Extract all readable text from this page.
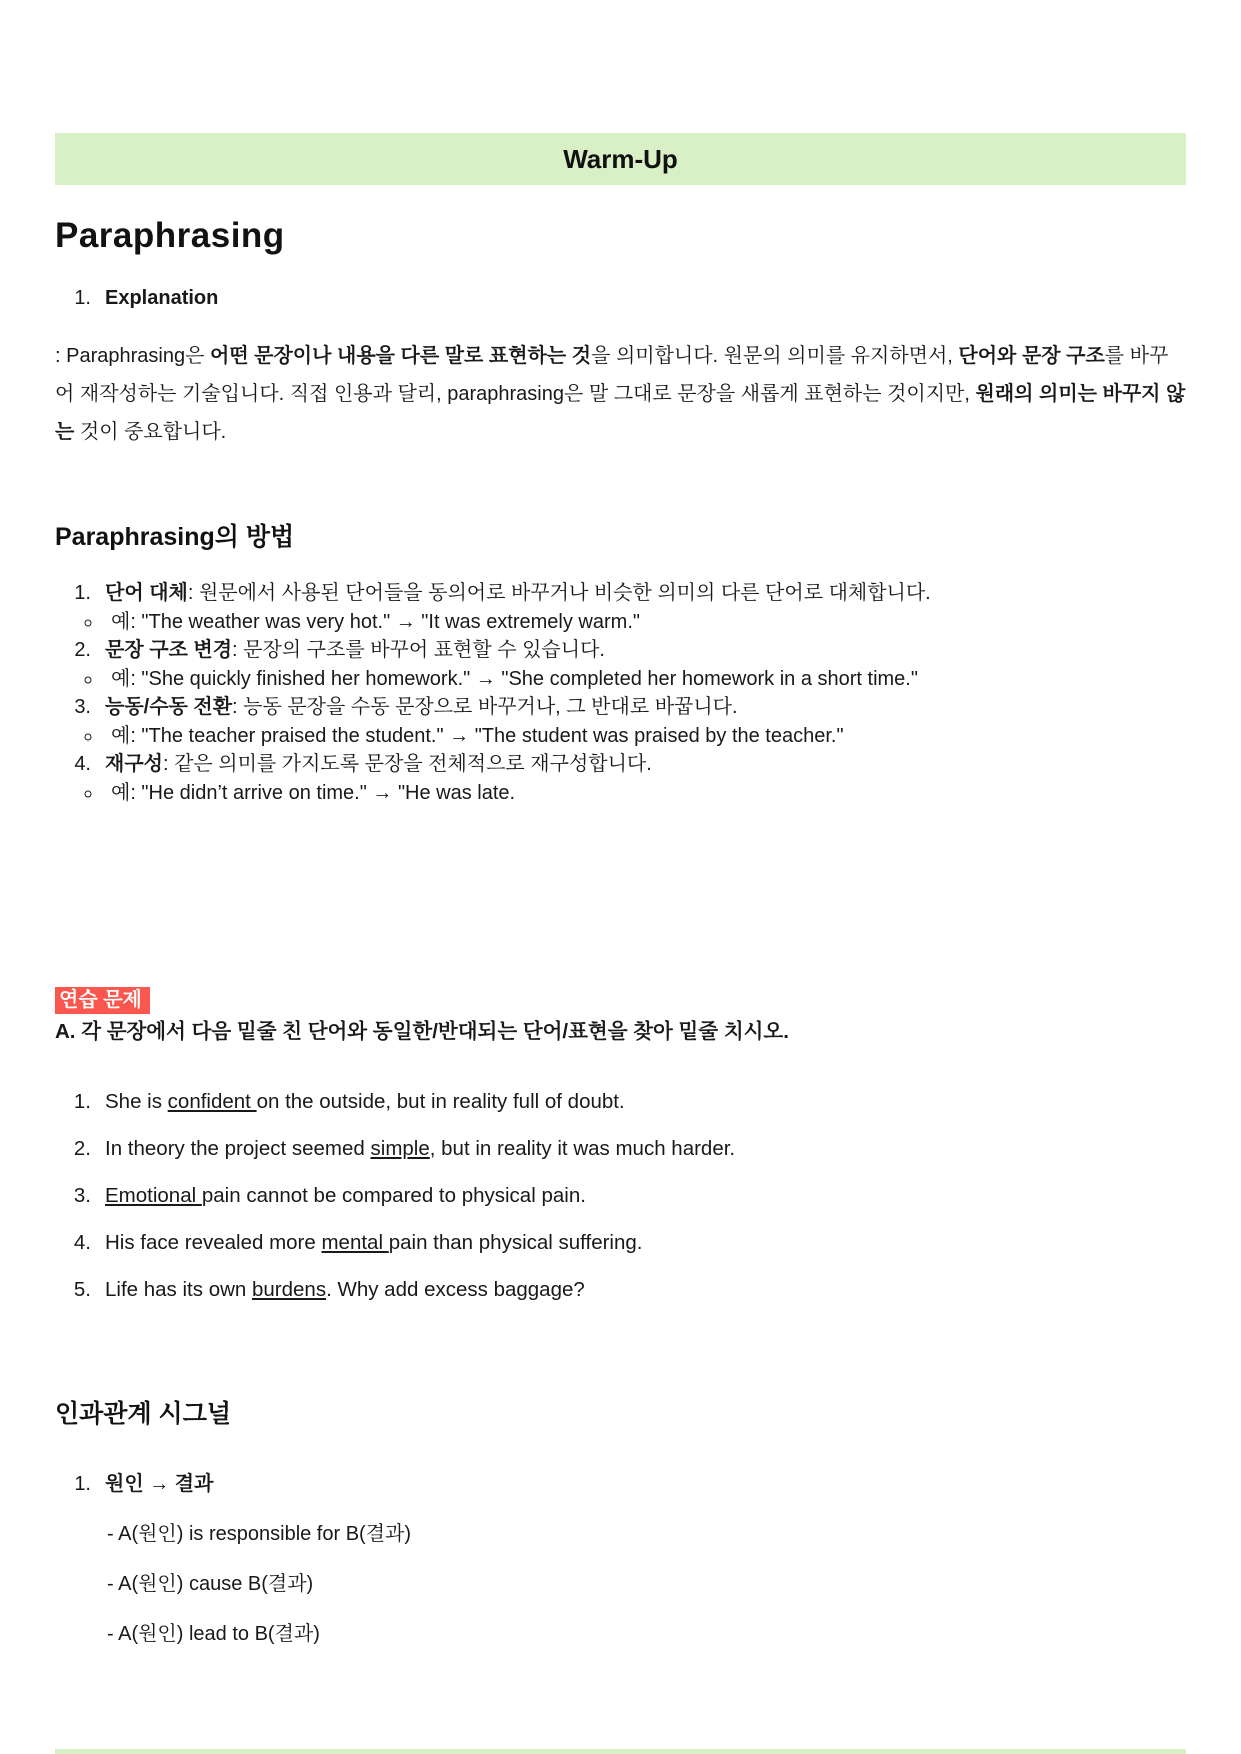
Warm-Up
Paraphrasing
1. Explanation
: Paraphrasing은 어떤 문장이나 내용을 다른 말로 표현하는 것을 의미합니다. 원문의 의미를 유지하면서, 단어와 문장 구조를 바꾸어 재작성하는 기술입니다. 직접 인용과 달리, paraphrasing은 말 그대로 문장을 새롭게 표현하는 것이지만, 원래의 의미는 바꾸지 않는 것이 중요합니다.
Paraphrasing의 방법
1. 단어 대체: 원문에서 사용된 단어들을 동의어로 바꾸거나 비슷한 의미의 다른 단어로 대체합니다.
◦ 예: "The weather was very hot." → "It was extremely warm."
2. 문장 구조 변경: 문장의 구조를 바꾸어 표현할 수 있습니다.
◦ 예: "She quickly finished her homework." → "She completed her homework in a short time."
3. 능동/수동 전환: 능동 문장을 수동 문장으로 바꾸거나, 그 반대로 바꿉니다.
◦ 예: "The teacher praised the student." → "The student was praised by the teacher."
4. 재구성: 같은 의미를 가지도록 문장을 전체적으로 재구성합니다.
◦ 예: "He didn’t arrive on time." → "He was late.
연습 문제
A. 각 문장에서 다음 밑줄 친 단어와 동일한/반대되는 단어/표현을 찾아 밑줄 치시오.
1. She is confident on the outside, but in reality full of doubt.
2. In theory the project seemed simple, but in reality it was much harder.
3. Emotional pain cannot be compared to physical pain.
4. His face revealed more mental pain than physical suffering.
5. Life has its own burdens. Why add excess baggage?
인과관계 시그널
1. 원인 → 결과

- A(원인) is responsible for B(결과)

- A(원인) cause B(결과)

- A(원인) lead to B(결과)
